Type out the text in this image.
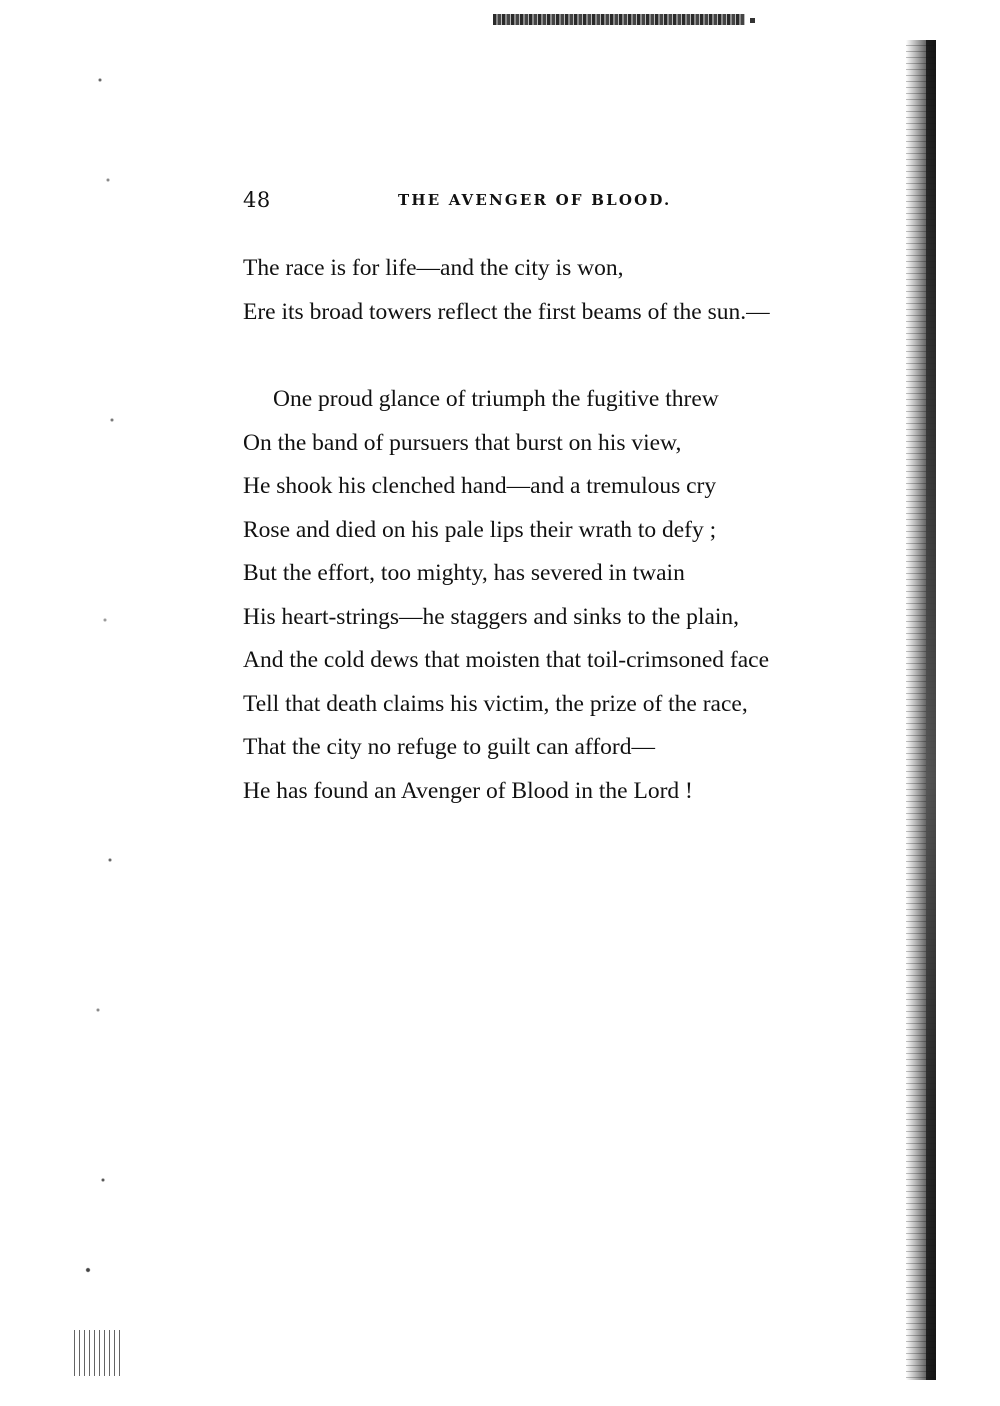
48	THE AVENGER OF BLOOD.
The race is for life—and the city is won,
Ere its broad towers reflect the first beams of the sun.—
One proud glance of triumph the fugitive threw
On the band of pursuers that burst on his view,
He shook his clenched hand—and a tremulous cry
Rose and died on his pale lips their wrath to defy ;
But the effort, too mighty, has severed in twain
His heart-strings—he staggers and sinks to the plain,
And the cold dews that moisten that toil-crimsoned face
Tell that death claims his victim, the prize of the race,
That the city no refuge to guilt can afford—
He has found an Avenger of Blood in the Lord !
